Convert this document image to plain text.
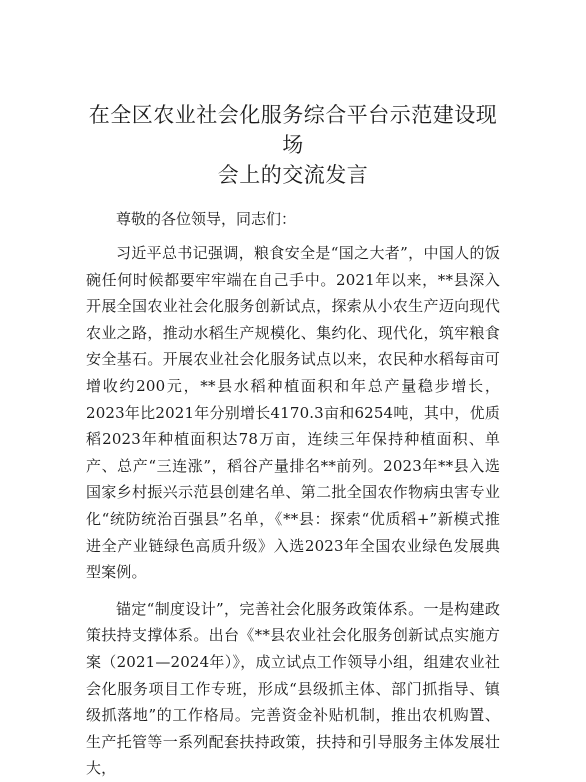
在全区农业社会化服务综合平台示范建设现场
会上的交流发言

尊敬的各位领导，同志们：

习近平总书记强调，粮食安全是“国之大者”，中国人的饭碗任何时候都要牢牢端在自己手中。2021年以来，**县深入开展全国农业社会化服务创新试点，探索从小农生产迈向现代农业之路，推动水稻生产规模化、集约化、现代化，筑牢粮食安全基石。开展农业社会化服务试点以来，农民种水稻每亩可增收约200元，**县水稻种植面积和年总产量稳步增长，2023年比2021年分别增长4170.3亩和6254吨，其中，优质稻2023年种植面积达78万亩，连续三年保持种植面积、单产、总产“三连涨”，稻谷产量排名**前列。2023年**县入选国家乡村振兴示范县创建名单、第二批全国农作物病虫害专业化“统防统治百强县”名单，《**县：探索“优质稻+”新模式推进全产业链绿色高质升级》入选2023年全国农业绿色发展典型案例。

锚定“制度设计”，完善社会化服务政策体系。一是构建政策扶持支撑体系。出台《**县农业社会化服务创新试点实施方案（2021—2024年）》，成立试点工作领导小组，组建农业社会化服务项目工作专班，形成“县级抓主体、部门抓指导、镇级抓落地”的工作格局。完善资金补贴机制，推出农机购置、生产托管等一系列配套扶持政策，扶持和引导服务主体发展壮大，
